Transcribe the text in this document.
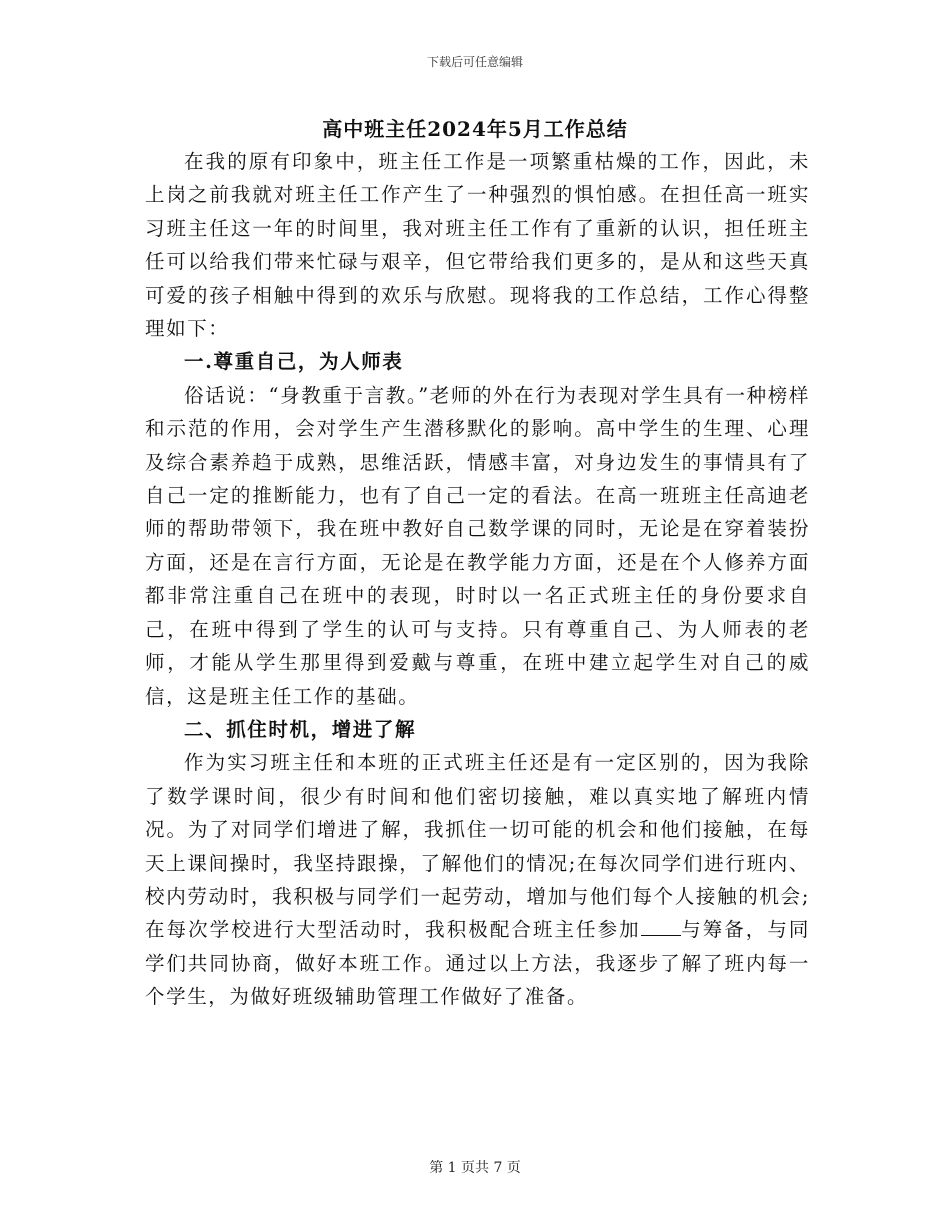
下载后可任意编辑
高中班主任2024年5月工作总结

在我的原有印象中，班主任工作是一项繁重枯燥的工作，因此，未上岗之前我就对班主任工作产生了一种强烈的惧怕感。在担任高一班实习班主任这一年的时间里，我对班主任工作有了重新的认识，担任班主任可以给我们带来忙碌与艰辛，但它带给我们更多的，是从和这些天真可爱的孩子相触中得到的欢乐与欣慰。现将我的工作总结，工作心得整理如下：

一.尊重自己，为人师表

俗话说：“身教重于言教。”老师的外在行为表现对学生具有一种榜样和示范的作用，会对学生产生潜移默化的影响。高中学生的生理、心理及综合素养趋于成熟，思维活跃，情感丰富，对身边发生的事情具有了自己一定的推断能力，也有了自己一定的看法。在高一班班主任高迪老师的帮助带领下，我在班中教好自己数学课的同时，无论是在穿着装扮方面，还是在言行方面，无论是在教学能力方面，还是在个人修养方面都非常注重自己在班中的表现，时时以一名正式班主任的身份要求自己，在班中得到了学生的认可与支持。只有尊重自己、为人师表的老师，才能从学生那里得到爱戴与尊重，在班中建立起学生对自己的威信，这是班主任工作的基础。

二、抓住时机，增进了解

作为实习班主任和本班的正式班主任还是有一定区别的，因为我除了数学课时间，很少有时间和他们密切接触，难以真实地了解班内情况。为了对同学们增进了解，我抓住一切可能的机会和他们接触，在每天上课间操时，我坚持跟操，了解他们的情况;在每次同学们进行班内、校内劳动时，我积极与同学们一起劳动，增加与他们每个人接触的机会;在每次学校进行大型活动时，我积极配合班主任参加 与筹备，与同学们共同协商，做好本班工作。通过以上方法，我逐步了解了班内每一个学生，为做好班级辅助管理工作做好了准备。

第 1 页共 7 页
